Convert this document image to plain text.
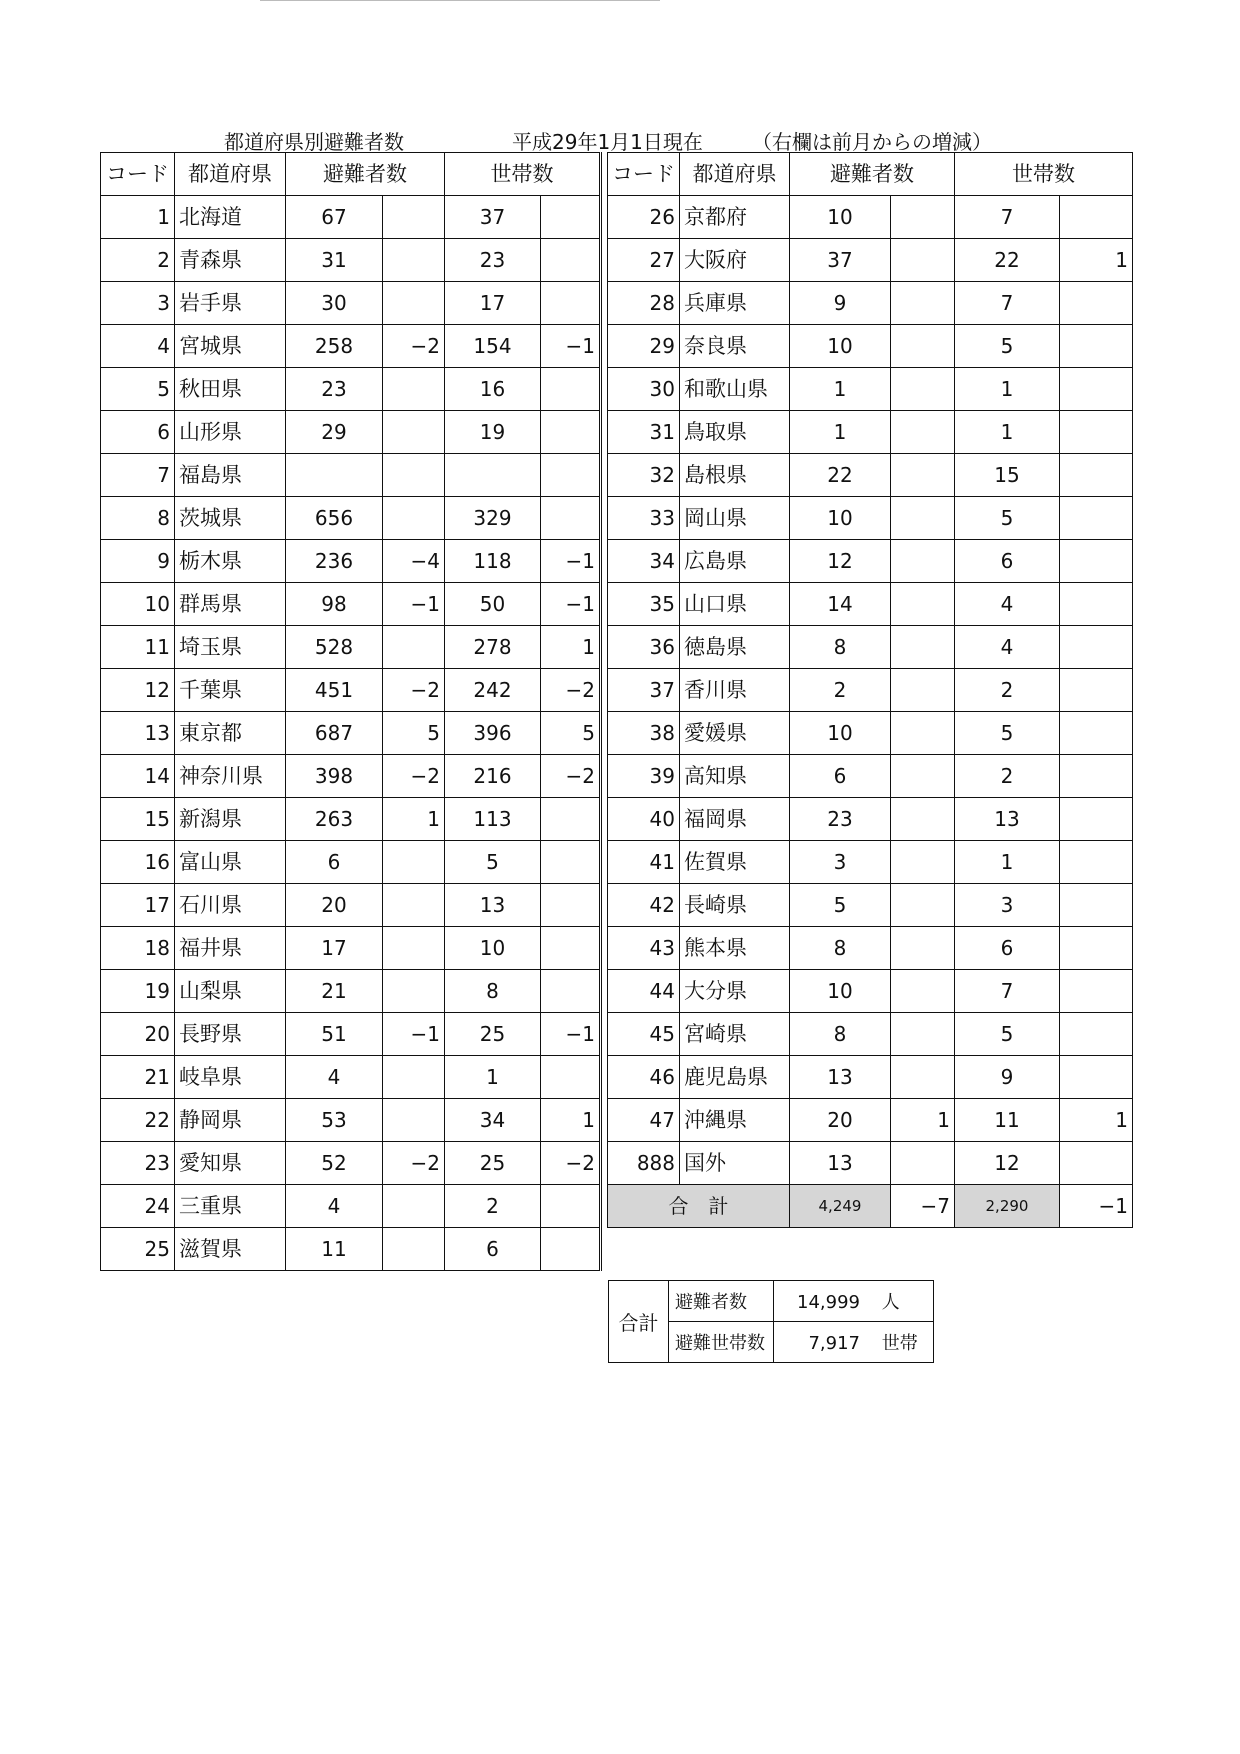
都道府県別避難者数	平成29年1月1日現在 （右欄は前月からの増減）
コード	都道府県	避難者数		世帯数	
1	北海道	67		37	
2	青森県	31		23	
3	岩手県	30		17	
4	宮城県	258	−2	154	−1
5	秋田県	23		16	
6	山形県	29		19	
7	福島県				
8	茨城県	656		329	
9	栃木県	236	−4	118	−1
10	群馬県	98	−1	50	−1
11	埼玉県	528		278	1
12	千葉県	451	−2	242	−2
13	東京都	687	5	396	5
14	神奈川県	398	−2	216	−2
15	新潟県	263	1	113	
16	富山県	6		5	
17	石川県	20		13	
18	福井県	17		10	
19	山梨県	21		8	
20	長野県	51	−1	25	−1
21	岐阜県	4		1	
22	静岡県	53		34	1
23	愛知県	52	−2	25	−2
24	三重県	4		2	
25	滋賀県	11		6	
コード	都道府県	避難者数		世帯数	
26	京都府	10		7	
27	大阪府	37		22	1
28	兵庫県	9		7	
29	奈良県	10		5	
30	和歌山県	1		1	
31	鳥取県	1		1	
32	島根県	22		15	
33	岡山県	10		5	
34	広島県	12		6	
35	山口県	14		4	
36	徳島県	8		4	
37	香川県	2		2	
38	愛媛県	10		5	
39	高知県	6		2	
40	福岡県	23		13	
41	佐賀県	3		1	
42	長崎県	5		3	
43	熊本県	8		6	
44	大分県	10		7	
45	宮崎県	8		5	
46	鹿児島県	13		9	
47	沖縄県	20	1	11	1
888	国外	13		12	
合　計		4,249	−7	2,290	−1
合計	避難者数	14,999 人
	避難世帯数	7,917 世帯
